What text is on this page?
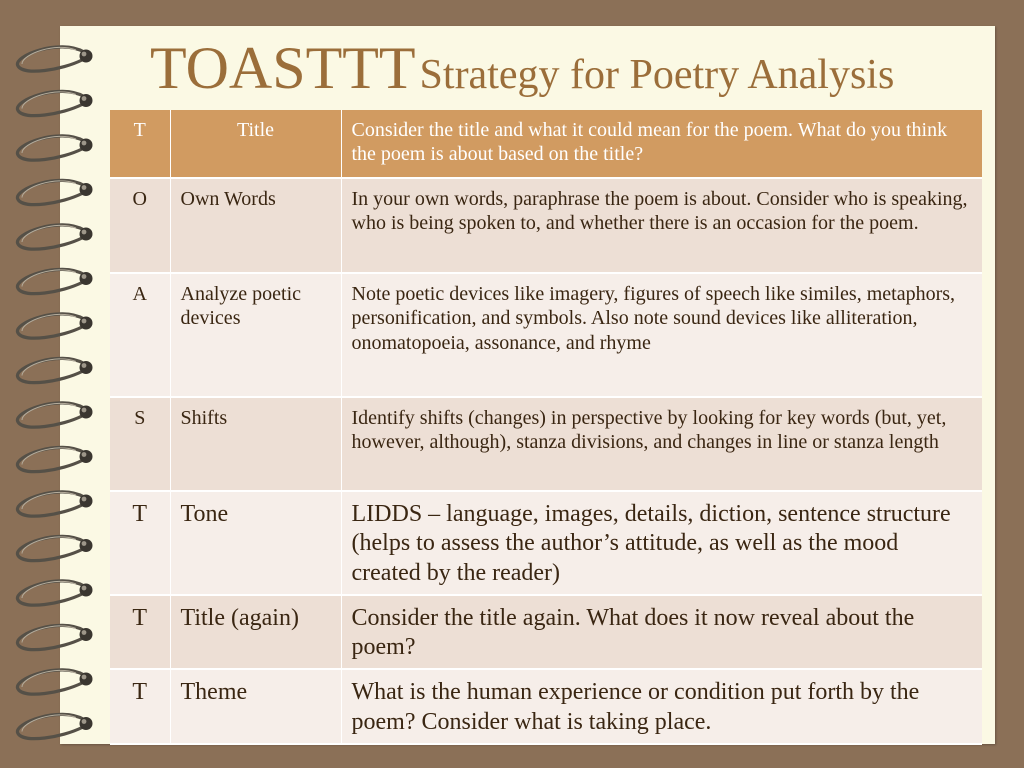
TOASTTT Strategy for Poetry Analysis
T	Title	Consider the title and what it could mean for the poem. What do you think the poem is about based on the title?
O	Own Words	In your own words, paraphrase the poem is about. Consider who is speaking, who is being spoken to, and whether there is an occasion for the poem.
A	Analyze poetic devices	Note poetic devices like imagery, figures of speech like similes, metaphors, personification, and symbols. Also note sound devices like alliteration, onomatopoeia, assonance, and rhyme
S	Shifts	Identify shifts (changes) in perspective by looking for key words (but, yet, however, although), stanza divisions, and changes in line or stanza length
T	Tone	LIDDS – language, images, details, diction, sentence structure (helps to assess the author’s attitude, as well as the mood created by the reader)
T	Title (again)	Consider the title again. What does it now reveal about the poem?
T	Theme	What is the human experience or condition put forth by the poem? Consider what is taking place.
